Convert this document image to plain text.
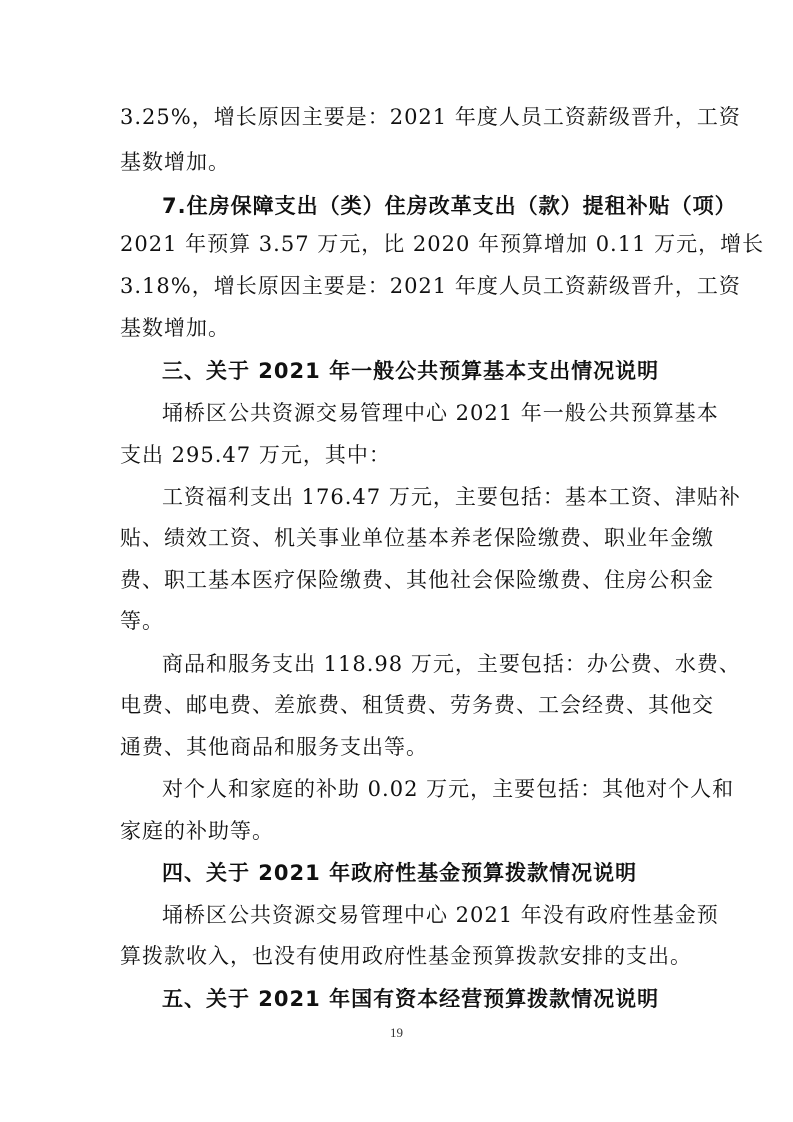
3.25%，增长原因主要是：2021 年度人员工资薪级晋升，工资
基数增加。
7.住房保障支出（类）住房改革支出（款）提租补贴（项）
2021 年预算 3.57 万元，比 2020 年预算增加 0.11 万元，增长
3.18%，增长原因主要是：2021 年度人员工资薪级晋升，工资
基数增加。
三、关于 2021 年一般公共预算基本支出情况说明
埇桥区公共资源交易管理中心 2021 年一般公共预算基本
支出 295.47 万元，其中：
工资福利支出 176.47 万元，主要包括：基本工资、津贴补
贴、绩效工资、机关事业单位基本养老保险缴费、职业年金缴
费、职工基本医疗保险缴费、其他社会保险缴费、住房公积金
等。
商品和服务支出 118.98 万元，主要包括：办公费、水费、
电费、邮电费、差旅费、租赁费、劳务费、工会经费、其他交
通费、其他商品和服务支出等。
对个人和家庭的补助 0.02 万元，主要包括：其他对个人和
家庭的补助等。
四、关于 2021 年政府性基金预算拨款情况说明
埇桥区公共资源交易管理中心 2021 年没有政府性基金预
算拨款收入，也没有使用政府性基金预算拨款安排的支出。
五、关于 2021 年国有资本经营预算拨款情况说明
19
